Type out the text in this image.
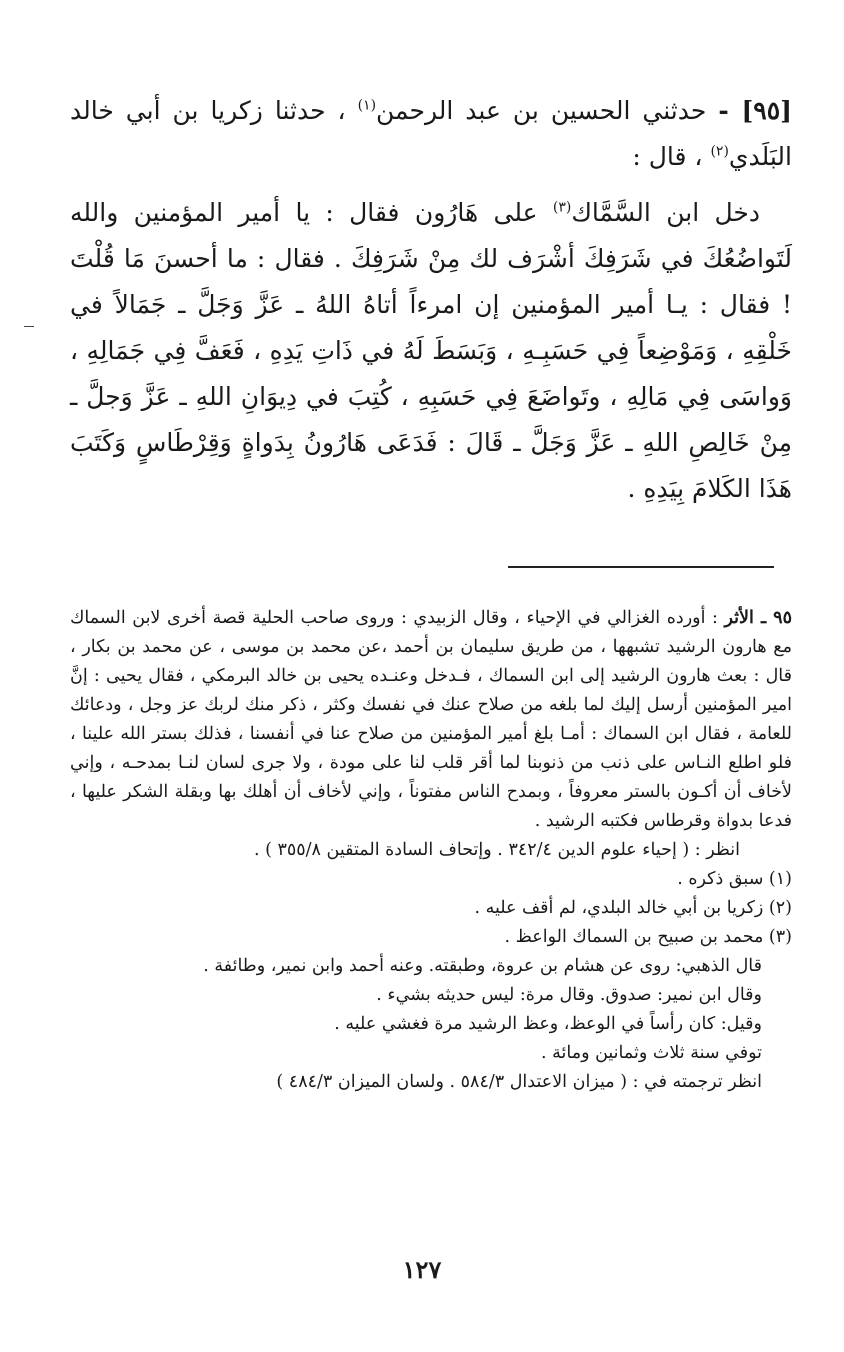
[٩٥] - حدثني الحسين بن عبد الرحمن$^{(١)}$ ، حدثنا زكريا بن أبي خالد البَلَدي$^{(٢)}$ ، قال :

دخل ابن السَّمَّاك$^{(٣)}$ على هَارُون فقال : يا أمير المؤمنين والله لَتَواضُعُكَ في شَرَفِكَ أشْرَف لك مِنْ شَرَفِكَ . فقال : ما أحسنَ مَا قُلْتَ ! فقال : يـا أمير المؤمنين إن امرءاً أتاهُ اللهُ ـ عَزَّ وَجَلَّ ـ جَمَالاً في خَلْقِهِ ، وَمَوْضِعاً فِي حَسَبِـهِ ، وَبَسَطَ لَهُ في ذَاتِ يَدِهِ ، فَعَفَّ فِي جَمَالِهِ ، وَواسَى فِي مَالِهِ ، وتَواضَعَ فِي حَسَبِهِ ، كُتِبَ في دِيوَانِ اللهِ ـ عَزَّ وَجلَّ ـ مِنْ خَالِصِ اللهِ ـ عَزَّ وَجَلَّ ـ قَالَ : فَدَعَى هَارُونُ بِدَواةٍ وَقِرْطَاسٍ وَكَتَبَ هَذَا الكَلامَ بِيَدِهِ .

٩٥ ـ الأثر : أورده الغزالي في الإحياء ، وقال الزبيدي : وروى صاحب الحلية قصة أخرى لابن السماك مع هارون الرشيد تشبهها ، من طريق سليمان بن أحمد ،عن محمد بن موسى ، عن محمد بن بكار ، قال : بعث هارون الرشيد إلى ابن السماك ، فـدخل وعنـده يحيى بن خالد البرمكي ، فقال يحيى : إنَّ امير المؤمنين أرسل إليك لما بلغه من صلاح عنك في نفسك وكثر ، ذكر منك لربك عز وجل ، ودعائك للعامة ، فقال ابن السماك : أمـا بلغ أمير المؤمنين من صلاح عنا في أنفسنا ، فذلك بستر الله علينا ، فلو اطلع النـاس على ذنب من ذنوبنا لما أقر قلب لنا على مودة ، ولا جرى لسان لنـا بمدحـه ، وإني لأخاف أن أكـون بالستر معروفاً ، وبمدح الناس مفتوناً ، وإني لأخاف أن أهلك بها وبقلة الشكر عليها ، فدعا بدواة وقرطاس فكتبه الرشيد .

انظر : ( إحياء علوم الدين ٣٤٢/٤ . وإتحاف السادة المتقين ٣٥٥/٨ ) .

(١) سبق ذكره .

(٢) زكريا بن أبي خالد البلدي، لم أقف عليه .

(٣) محمد بن صبيح بن السماك الواعظ .

قال الذهبي: روى عن هشام بن عروة، وطبقته. وعنه أحمد وابن نمير، وطائفة .

وقال ابن نمير: صدوق. وقال مرة: ليس حديثه بشيء .

وقيل: كان رأساً في الوعظ، وعظ الرشيد مرة فغشي عليه .

توفي سنة ثلاث وثمانين ومائة .

انظر ترجمته في : ( ميزان الاعتدال ٥٨٤/٣ . ولسان الميزان ٤٨٤/٣ )

١٢٧
